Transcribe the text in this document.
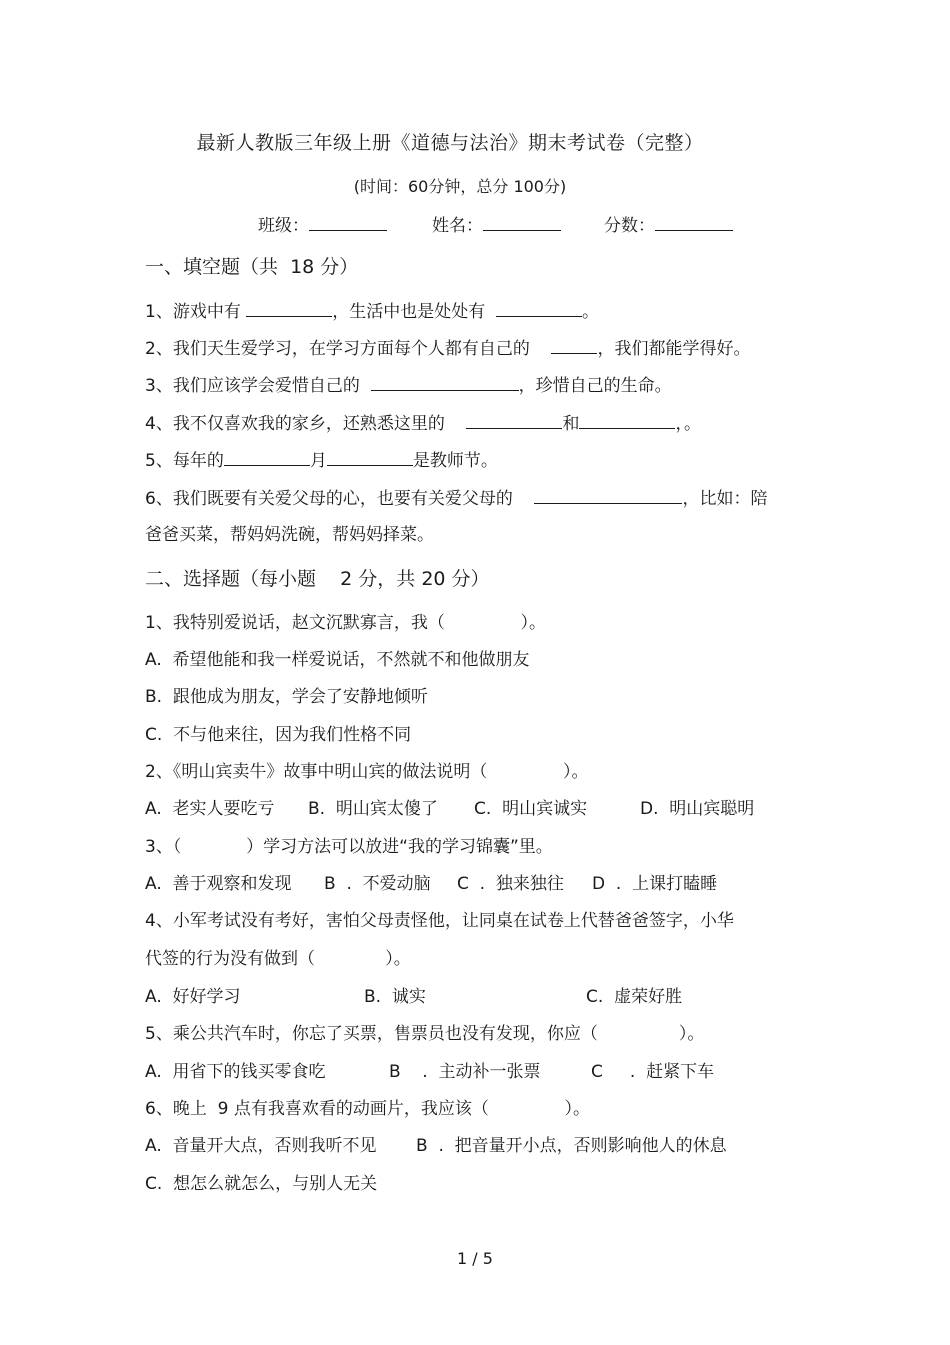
最新人教版三年级上册《道德与法治》期末考试卷（完整）
(时间：60分钟，总分 100分)
班级：	姓名：	分数：
一、填空题（共  18 分）
1、游戏中有	，生活中也是处处有	。
2、我们天生爱学习，在学习方面每个人都有自己的	，我们都能学得好。
3、我们应该学会爱惜自己的	，珍惜自己的生命。
4、我不仅喜欢我的家乡，还熟悉这里的	和	，。
5、每年的	月	是教师节。
6、我们既要有关爱父母的心，也要有关爱父母的	，比如：陪
爸爸买菜，帮妈妈洗碗，帮妈妈择菜。
二、选择题（每小题    2 分，共 20 分）
1、我特别爱说话，赵文沉默寡言，我（              ）。
A.  希望他能和我一样爱说话，不然就不和他做朋友
B.  跟他成为朋友，学会了安静地倾听
C.  不与他来往，因为我们性格不同
2、《明山宾卖牛》故事中明山宾的做法说明（              ）。
A.  老实人要吃亏 B.  明山宾太傻了 C.  明山宾诚实	D.  明山宾聪明
3、（            ）学习方法可以放进“我的学习锦囊”里。
A.  善于观察和发现 B  .  不爱动脑 C  .  独来独往 D  .  上课打瞌睡
4、小军考试没有考好，害怕父母责怪他，让同桌在试卷上代替爸爸签字，小华
代签的行为没有做到（             ）。
A.  好好学习	B.  诚实	C.  虚荣好胜
5、乘公共汽车时，你忘了买票，售票员也没有发现，你应（               ）。
A.  用省下的钱买零食吃	B    .  主动补一张票	C     .  赶紧下车
6、晚上  9 点有我喜欢看的动画片，我应该（              ）。
A.  音量开大点，否则我听不见 B  .  把音量开小点，否则影响他人的休息
C.  想怎么就怎么，与别人无关
1 / 5
